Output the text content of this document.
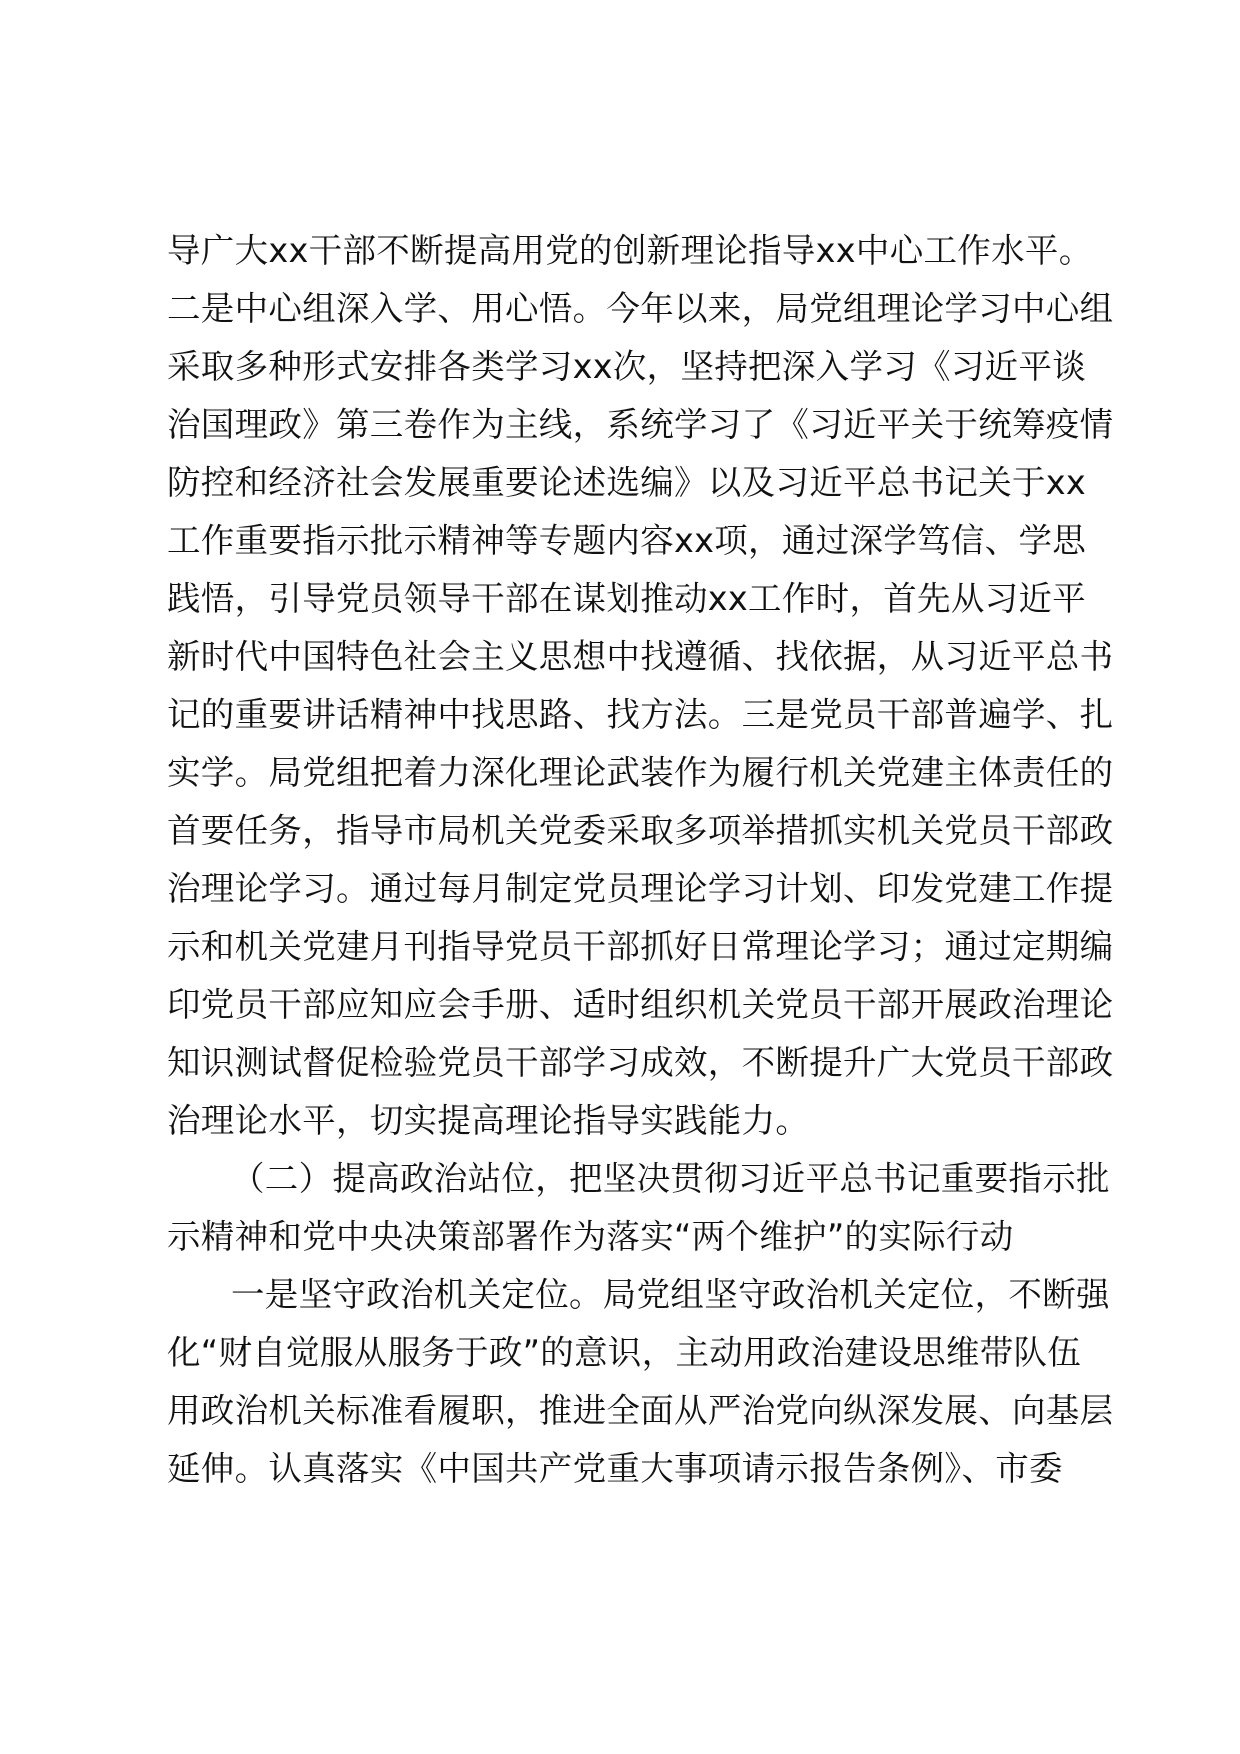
导广大xx干部不断提高用党的创新理论指导xx中心工作水平。
二是中心组深入学、用心悟。今年以来，局党组理论学习中心组
采取多种形式安排各类学习xx次，坚持把深入学习《习近平谈
治国理政》第三卷作为主线，系统学习了《习近平关于统筹疫情
防控和经济社会发展重要论述选编》以及习近平总书记关于xx
工作重要指示批示精神等专题内容xx项，通过深学笃信、学思
践悟，引导党员领导干部在谋划推动xx工作时，首先从习近平
新时代中国特色社会主义思想中找遵循、找依据，从习近平总书
记的重要讲话精神中找思路、找方法。三是党员干部普遍学、扎
实学。局党组把着力深化理论武装作为履行机关党建主体责任的
首要任务，指导市局机关党委采取多项举措抓实机关党员干部政
治理论学习。通过每月制定党员理论学习计划、印发党建工作提
示和机关党建月刊指导党员干部抓好日常理论学习；通过定期编
印党员干部应知应会手册、适时组织机关党员干部开展政治理论
知识测试督促检验党员干部学习成效，不断提升广大党员干部政
治理论水平，切实提高理论指导实践能力。
（二）提高政治站位，把坚决贯彻习近平总书记重要指示批
示精神和党中央决策部署作为落实“两个维护”的实际行动
一是坚守政治机关定位。局党组坚守政治机关定位，不断强
化“财自觉服从服务于政”的意识，主动用政治建设思维带队伍
用政治机关标准看履职，推进全面从严治党向纵深发展、向基层
延伸。认真落实《中国共产党重大事项请示报告条例》、市委
